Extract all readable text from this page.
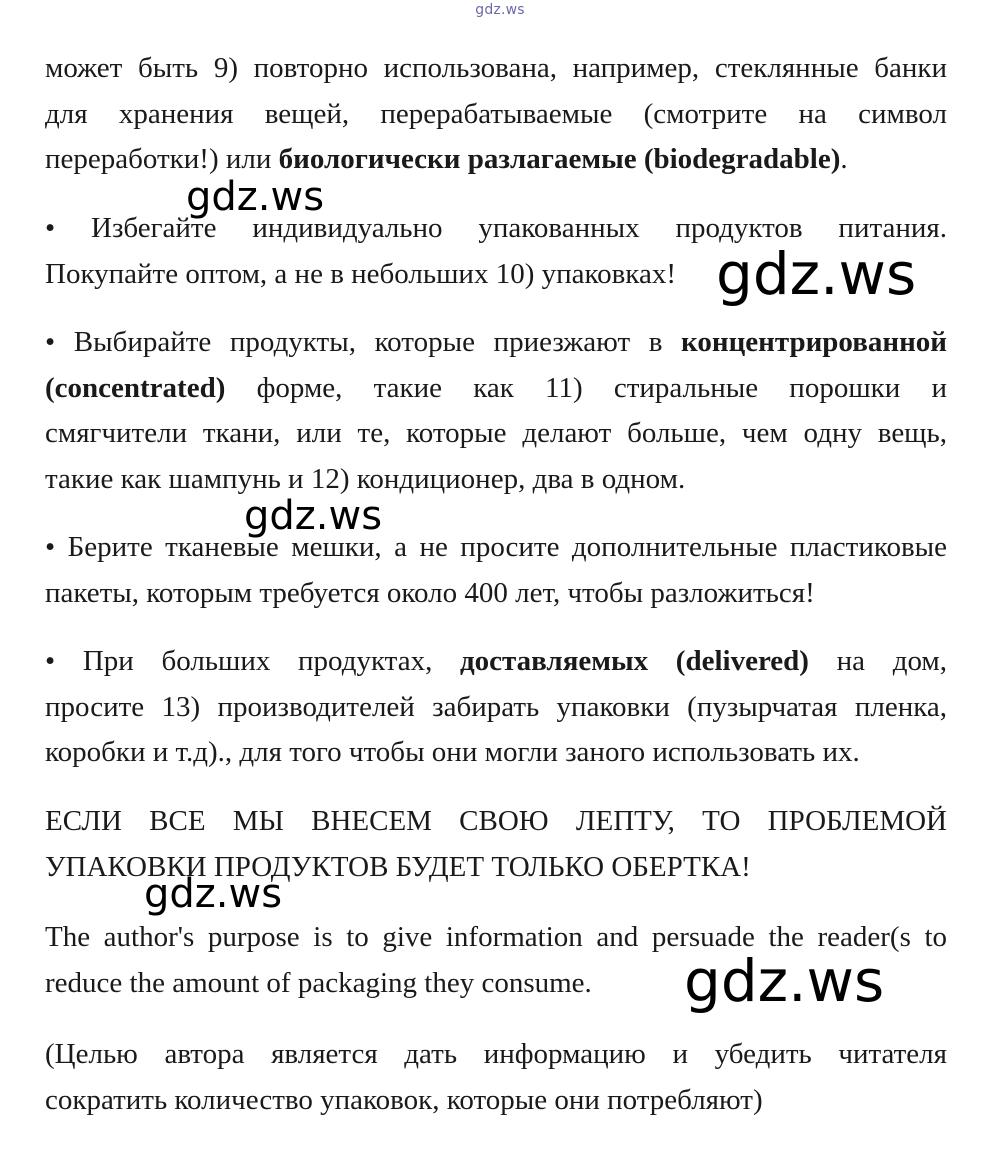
gdz.ws
может быть 9) повторно использована, например, стеклянные банки
для хранения вещей, перерабатываемые (смотрите на символ
переработки!) или биологически разлагаемые (biodegradable).
• Избегайте индивидуально упакованных продуктов питания.
Покупайте оптом, а не в небольших 10) упаковках!
• Выбирайте продукты, которые приезжают в концентрированной
(concentrated) форме, такие как 11) стиральные порошки и
смягчители ткани, или те, которые делают больше, чем одну вещь,
такие как шампунь и 12) кондиционер, два в одном.
• Берите тканевые мешки, а не просите дополнительные пластиковые
пакеты, которым требуется около 400 лет, чтобы разложиться!
• При больших продуктах, доставляемых (delivered) на дом,
просите 13) производителей забирать упаковки (пузырчатая пленка,
коробки и т.д)., для того чтобы они могли заного использовать их.
ЕСЛИ ВСЕ МЫ ВНЕСЕМ СВОЮ ЛЕПТУ, ТО ПРОБЛЕМОЙ
УПАКОВКИ ПРОДУКТОВ БУДЕТ ТОЛЬКО ОБЕРТКА!
The author's purpose is to give information and persuade the reader(s to
reduce the amount of packaging they consume.
(Целью автора является дать информацию и убедить читателя
сократить количество упаковок, которые они потребляют)
gdz.ws
gdz.ws
gdz.ws
gdz.ws
gdz.ws
